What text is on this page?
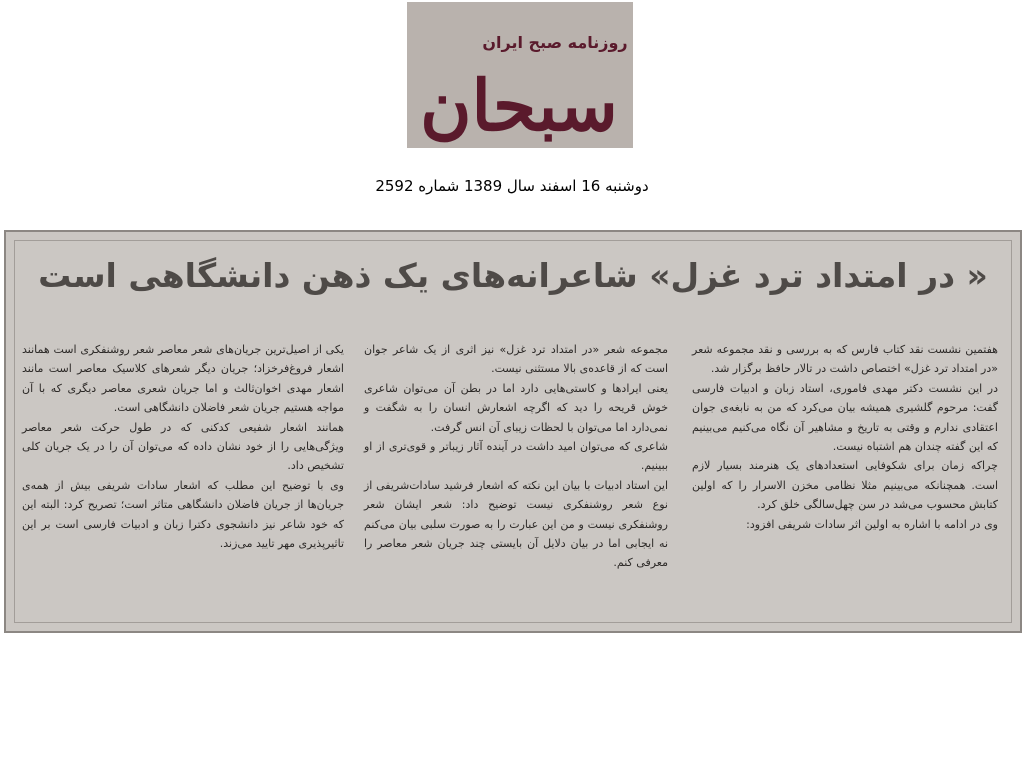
روزنامه صبح ایران
سبحان
دوشنبه 16 اسفند سال 1389 شماره 2592
« در امتداد ترد غزل» شاعرانه‌های یک ذهن دانشگاهی است

هفتمین نشست نقد کتاب فارس که به بررسی و نقد مجموعه شعر «در امتداد ترد غزل» اختصاص داشت در تالار حافظ برگزار شد.

در این نشست دکتر مهدی فاموری، استاد زبان و ادبیات فارسی گفت: مرحوم گلشیری همیشه بیان می‌کرد که من به نابغه‌ی جوان اعتقادی ندارم و وقتی به تاریخ و مشاهیر آن نگاه می‌کنیم می‌بینیم که این گفته چندان هم اشتباه نیست.

چراکه زمان برای شکوفایی استعدادهای یک هنرمند بسیار لازم است. همچنانکه می‌بینیم مثلا نظامی مخزن الاسرار را که اولین کتابش محسوب می‌شد در سن چهل‌سالگی خلق کرد.

وی در ادامه با اشاره به اولین اثر سادات شریفی افزود:

مجموعه شعر «در امتداد ترد غزل» نیز اثری از یک شاعر جوان است که از قاعده‌ی بالا مستثنی نیست.

یعنی ایرادها و کاستی‌هایی دارد اما در بطن آن می‌توان شاعری خوش قریحه را دید که اگرچه اشعارش انسان را به شگفت و نمی‌دارد اما می‌توان با لحظات زیبای آن انس گرفت.

شاعری که می‌توان امید داشت در آینده آثار زیباتر و قوی‌تری از او ببینیم.

این استاد ادبیات با بیان این نکته که اشعار فرشید سادات‌شریفی از نوع شعر روشنفکری نیست توضیح داد: شعر ایشان شعر روشنفکری نیست و من این عبارت را به صورت سلبی بیان می‌کنم نه ایجابی اما در بیان دلایل آن بایستی چند جریان شعر معاصر را معرفی کنم.

یکی از اصیل‌ترین جریان‌های شعر معاصر شعر روشنفکری است همانند اشعار فروغ‌فرخزاد؛ جریان دیگر شعرهای کلاسیک معاصر است مانند اشعار مهدی اخوان‌ثالث و اما جریان شعری معاصر دیگری که با آن مواجه هستیم جریان شعر فاضلان دانشگاهی است.

همانند اشعار شفیعی کدکنی که در طول حرکت شعر معاصر ویژگی‌هایی را از خود نشان داده که می‌توان آن را در یک جریان کلی تشخیص داد.

وی با توضیح این مطلب که اشعار سادات شریفی بیش از همه‌ی جریان‌ها از جریان فاضلان دانشگاهی متاثر است؛ تصریح کرد: البته این که خود شاعر نیز دانشجوی دکترا زبان و ادبیات فارسی است بر این تاثیرپذیری مهر تایید می‌زند.
